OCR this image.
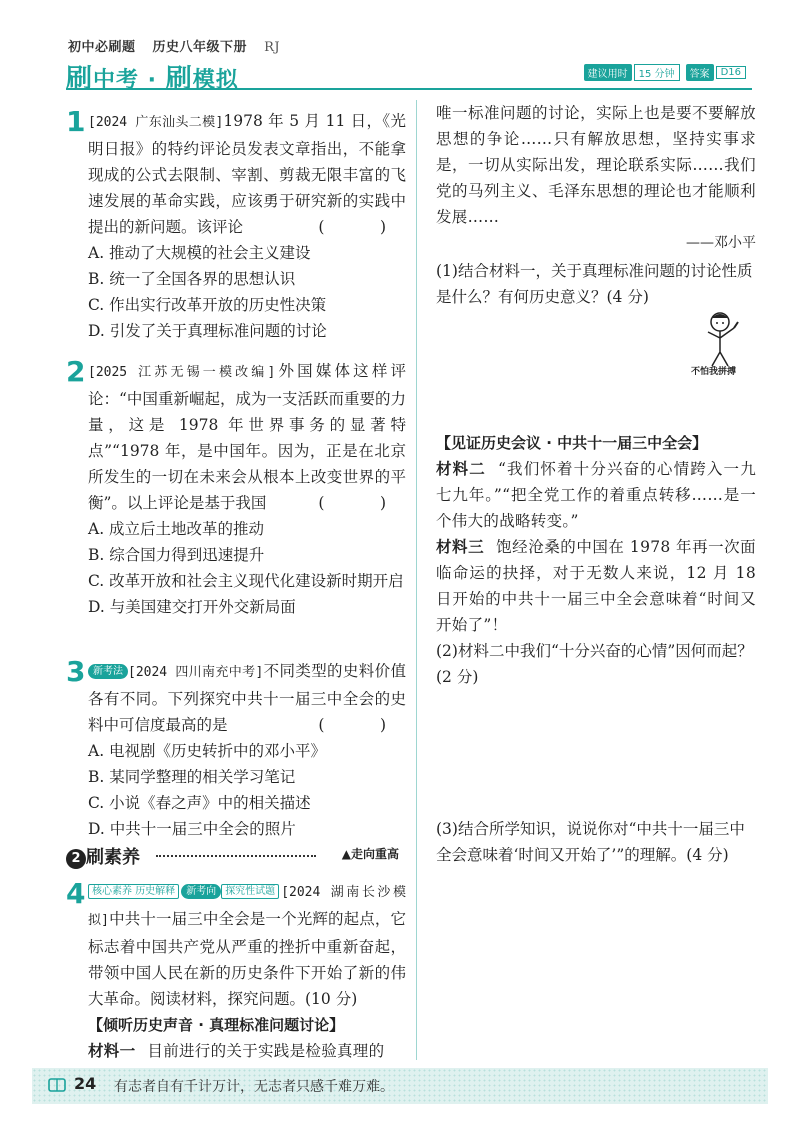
初中必刷题 历史八年级下册 RJ
刷中考 · 刷模拟	建议用时	15 分钟	答案	D16
1 [2024 广东汕头二模]1978 年 5 月 11 日，《光明日报》的特约评论员发表文章指出，不能拿现成的公式去限制、宰割、剪裁无限丰富的飞速发展的革命实践，应该勇于研究新的实践中提出的新问题。该评论	(　)
A. 推动了大规模的社会主义建设
B. 统一了全国各界的思想认识
C. 作出实行改革开放的历史性决策
D. 引发了关于真理标准问题的讨论
2 [2025 江苏无锡一模改编]外国媒体这样评论：“中国重新崛起，成为一支活跃而重要的力量，这是 1978 年世界事务的显著特点”“1978 年，是中国年。因为，正是在北京所发生的一切在未来会从根本上改变世界的平衡”。以上评论是基于我国	(　)
A. 成立后土地改革的推动
B. 综合国力得到迅速提升
C. 改革开放和社会主义现代化建设新时期开启
D. 与美国建交打开外交新局面
3 新考法 [2024 四川南充中考]不同类型的史料价值各有不同。下列探究中共十一届三中全会的史料中可信度最高的是	(　)
A. 电视剧《历史转折中的邓小平》
B. 某同学整理的相关学习笔记
C. 小说《春之声》中的相关描述
D. 中共十一届三中全会的照片
2 刷素养	▲走向重高
4 核心素养 历史解释 新考向 探究性试题 [2024 湖南长沙模拟]中共十一届三中全会是一个光辉的起点，它标志着中国共产党从严重的挫折中重新奋起，带领中国人民在新的历史条件下开始了新的伟大革命。阅读材料，探究问题。(10 分)
【倾听历史声音 · 真理标准问题讨论】
材料一 目前进行的关于实践是检验真理的
唯一标准问题的讨论，实际上也是要不要解放思想的争论……只有解放思想，坚持实事求是，一切从实际出发，理论联系实际……我们党的马列主义、毛泽东思想的理论也才能顺利发展……
——邓小平
(1)结合材料一，关于真理标准问题的讨论性质是什么？有何历史意义？(4 分)
【见证历史会议 · 中共十一届三中全会】
材料二 “我们怀着十分兴奋的心情跨入一九七九年。”“把全党工作的着重点转移……是一个伟大的战略转变。”
材料三 饱经沧桑的中国在 1978 年再一次面临命运的抉择，对于无数人来说，12 月 18 日开始的中共十一届三中全会意味着“时间又开始了”！
(2)材料二中我们“十分兴奋的心情”因何而起？(2 分)
(3)结合所学知识，说说你对“中共十一届三中全会意味着‘时间又开始了’”的理解。(4 分)
不怕我拼搏
24 有志者自有千计万计，无志者只感千难万难。
